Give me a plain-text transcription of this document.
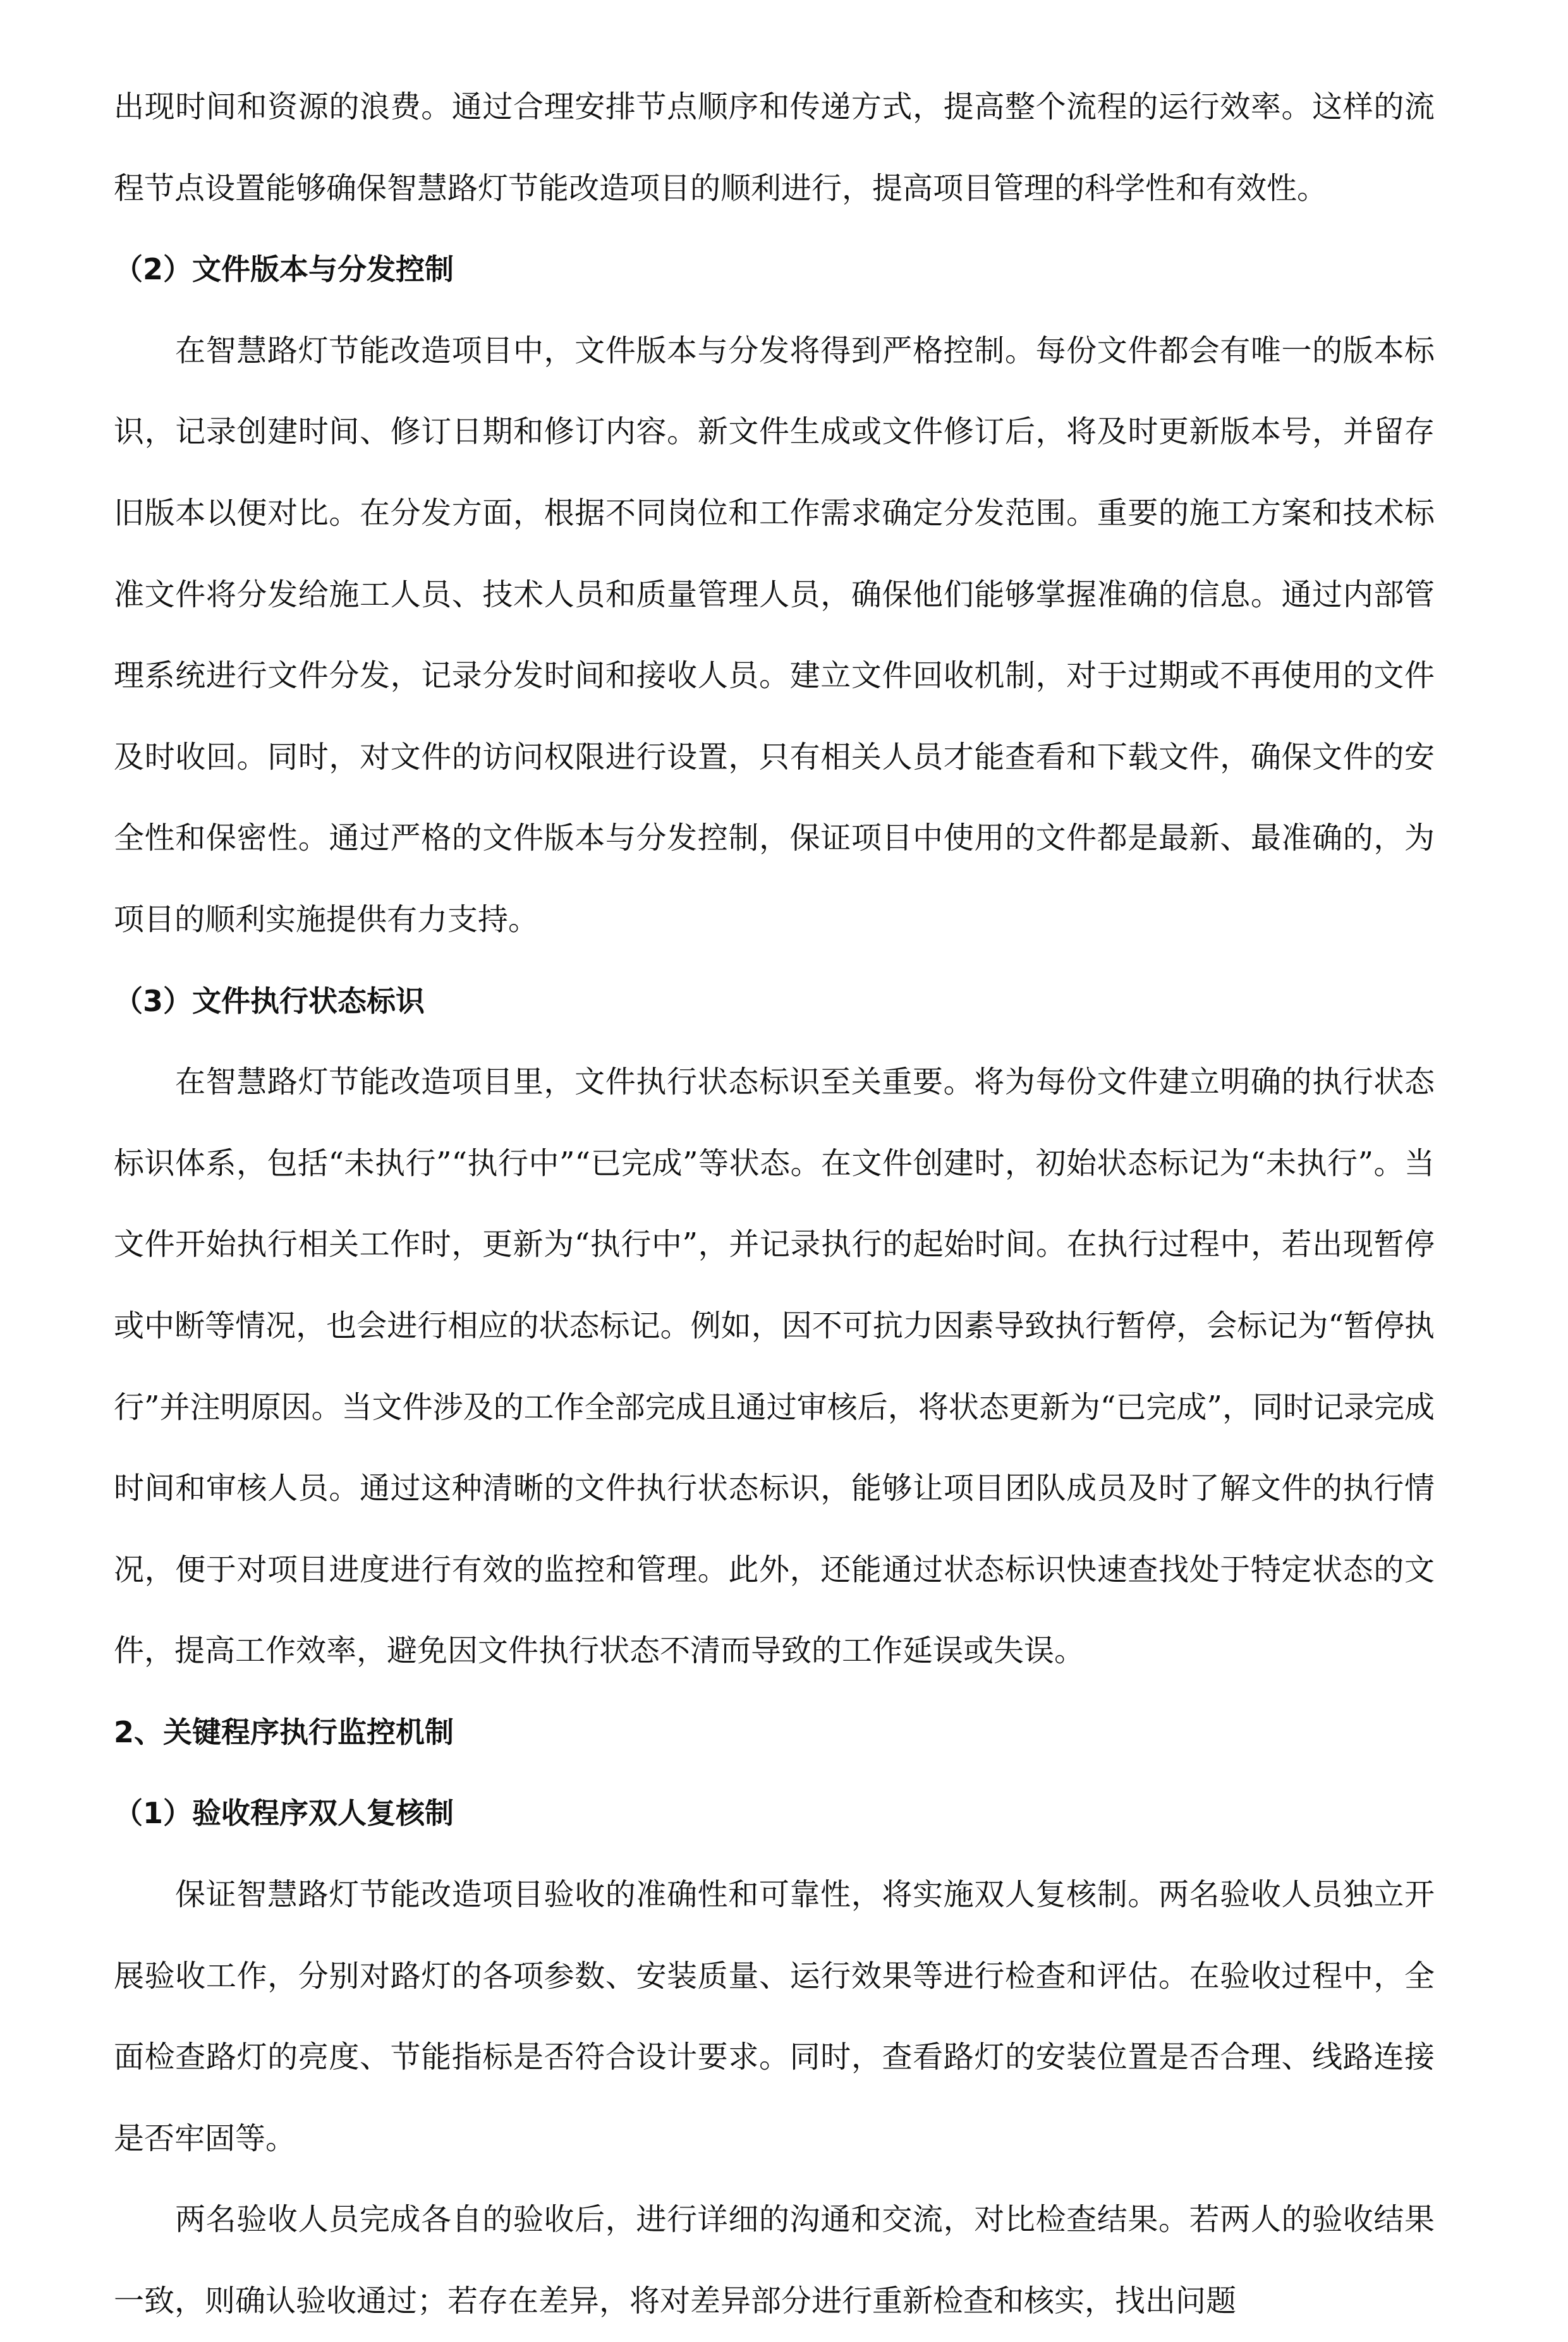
出现时间和资源的浪费。通过合理安排节点顺序和传递方式，提高整个流程的运行效率。这样的流程节点设置能够确保智慧路灯节能改造项目的顺利进行，提高项目管理的科学性和有效性。

（2）文件版本与分发控制

在智慧路灯节能改造项目中，文件版本与分发将得到严格控制。每份文件都会有唯一的版本标识，记录创建时间、修订日期和修订内容。新文件生成或文件修订后，将及时更新版本号，并留存旧版本以便对比。在分发方面，根据不同岗位和工作需求确定分发范围。重要的施工方案和技术标准文件将分发给施工人员、技术人员和质量管理人员，确保他们能够掌握准确的信息。通过内部管理系统进行文件分发，记录分发时间和接收人员。建立文件回收机制，对于过期或不再使用的文件及时收回。同时，对文件的访问权限进行设置，只有相关人员才能查看和下载文件，确保文件的安全性和保密性。通过严格的文件版本与分发控制，保证项目中使用的文件都是最新、最准确的，为项目的顺利实施提供有力支持。

（3）文件执行状态标识

在智慧路灯节能改造项目里，文件执行状态标识至关重要。将为每份文件建立明确的执行状态标识体系，包括“未执行”“执行中”“已完成”等状态。在文件创建时，初始状态标记为“未执行”。当文件开始执行相关工作时，更新为“执行中”，并记录执行的起始时间。在执行过程中，若出现暂停或中断等情况，也会进行相应的状态标记。例如，因不可抗力因素导致执行暂停，会标记为“暂停执行”并注明原因。当文件涉及的工作全部完成且通过审核后，将状态更新为“已完成”，同时记录完成时间和审核人员。通过这种清晰的文件执行状态标识，能够让项目团队成员及时了解文件的执行情况，便于对项目进度进行有效的监控和管理。此外，还能通过状态标识快速查找处于特定状态的文件，提高工作效率，避免因文件执行状态不清而导致的工作延误或失误。

2、关键程序执行监控机制

（1）验收程序双人复核制

保证智慧路灯节能改造项目验收的准确性和可靠性，将实施双人复核制。两名验收人员独立开展验收工作，分别对路灯的各项参数、安装质量、运行效果等进行检查和评估。在验收过程中，全面检查路灯的亮度、节能指标是否符合设计要求。同时，查看路灯的安装位置是否合理、线路连接是否牢固等。

两名验收人员完成各自的验收后，进行详细的沟通和交流，对比检查结果。若两人的验收结果一致，则确认验收通过；若存在差异，将对差异部分进行重新检查和核实，找出问题
